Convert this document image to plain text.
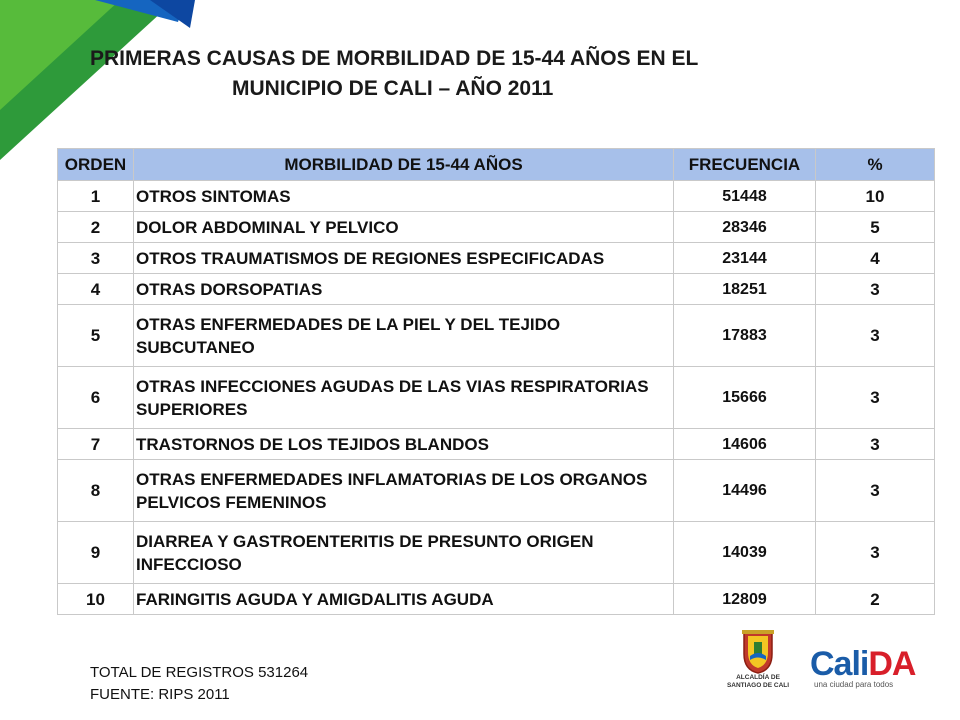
PRIMERAS CAUSAS DE MORBILIDAD DE 15-44 AÑOS EN EL
MUNICIPIO DE CALI – AÑO 2011
ORDEN	MORBILIDAD DE 15-44 AÑOS	FRECUENCIA	%
1	OTROS SINTOMAS	51448	10
2	DOLOR ABDOMINAL Y PELVICO	28346	5
3	OTROS TRAUMATISMOS DE REGIONES ESPECIFICADAS	23144	4
4	OTRAS DORSOPATIAS	18251	3
5	OTRAS ENFERMEDADES DE LA PIEL Y DEL TEJIDO SUBCUTANEO	17883	3
6	OTRAS INFECCIONES AGUDAS DE LAS VIAS RESPIRATORIAS SUPERIORES	15666	3
7	TRASTORNOS DE LOS TEJIDOS BLANDOS	14606	3
8	OTRAS ENFERMEDADES INFLAMATORIAS DE LOS ORGANOS PELVICOS FEMENINOS	14496	3
9	DIARREA Y GASTROENTERITIS DE PRESUNTO ORIGEN INFECCIOSO	14039	3
10	FARINGITIS AGUDA Y AMIGDALITIS AGUDA	12809	2
TOTAL DE REGISTROS 531264
FUENTE: RIPS 2011
ALCALDÍA DE
SANTIAGO DE CALI
CaliDA
una ciudad para todos
